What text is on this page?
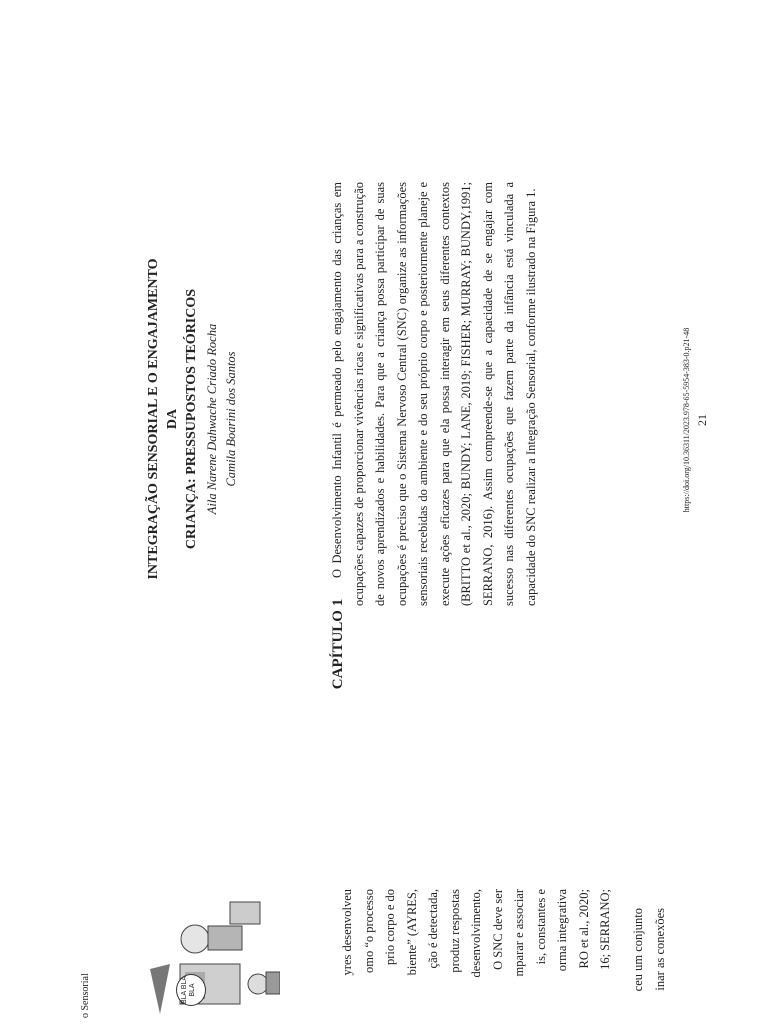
o Sensorial	BLA BLA BLA
yres desenvolveu omo “o processo prio corpo e do biente” (AYRES, ção é detectada, produz respostas desenvolvimento, O SNC deve ser mparar e associar is, constantes e orma integrativa RO et al., 2020; 16; SERRANO;	ceu um conjunto inar as conexões
CAPÍTULO 1
INTEGRAÇÃO SENSORIAL E O ENGAJAMENTO DA CRIANÇA: PRESSUPOSTOS TEÓRICOS Aila Narene Dahwache Criado Rocha Camila Boarini dos Santos	O Desenvolvimento Infantil é permeado pelo engajamento das crianças em ocupações capazes de proporcionar vivências ricas e significativas para a construção de novos aprendizados e habilidades. Para que a criança possa participar de suas ocupações é preciso que o Sistema Nervoso Central (SNC) organize as informações sensoriais recebidas do ambiente e do seu próprio corpo e posteriormente planeje e execute ações eficazes para que ela possa interagir em seus diferentes contextos (BRITTO et al., 2020; BUNDY; LANE, 2019; FISHER; MURRAY; BUNDY,1991; SERRANO, 2016). Assim compreende-se que a capacidade de se engajar com sucesso nas diferentes ocupações que fazem parte da infância está vinculada a capacidade do SNC realizar a Integração Sensorial, conforme ilustrado na Figura 1.	https://doi.org/10.36311/2023.978-65-5954-383-0.p21-48 21
